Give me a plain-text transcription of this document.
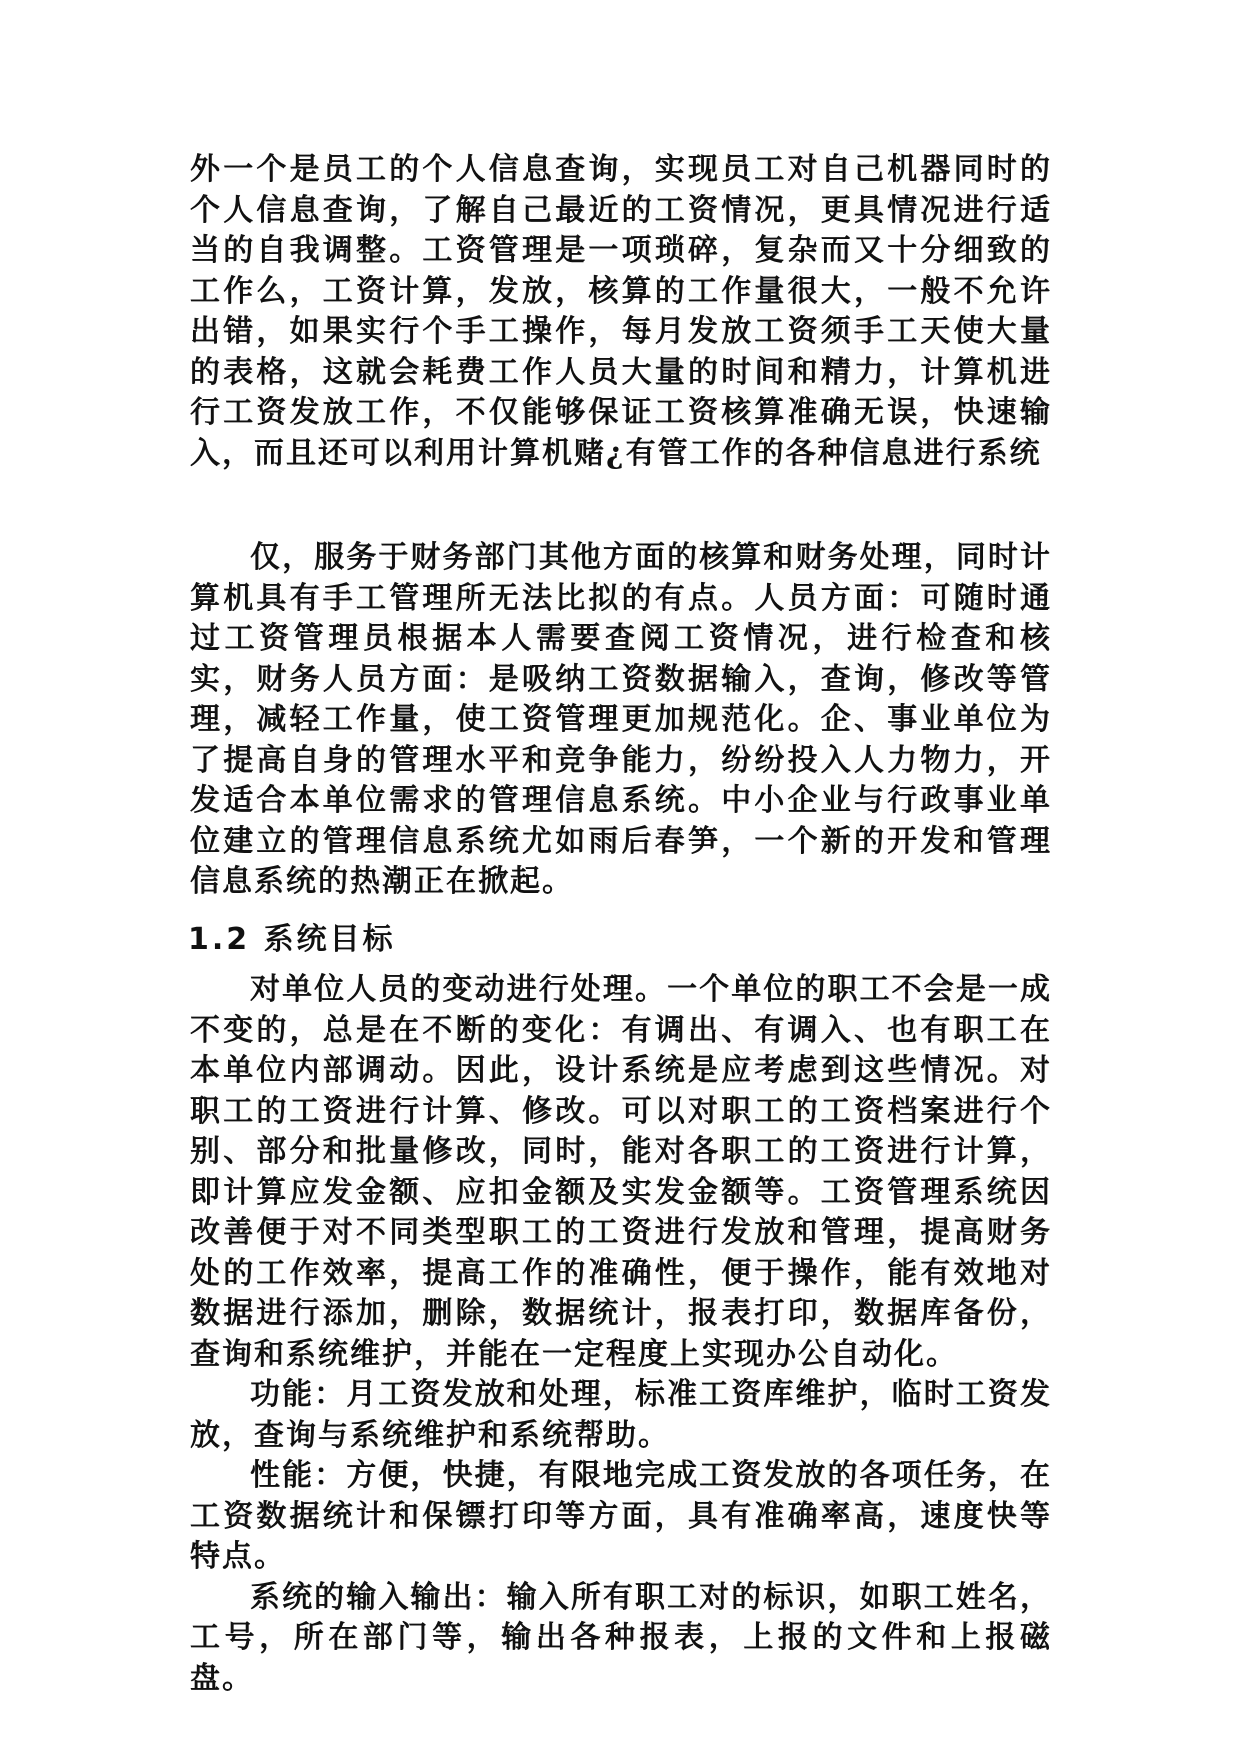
外一个是员工的个人信息查询，实现员工对自己机器同时的个人信息查询，了解自己最近的工资情况，更具情况进行适当的自我调整。工资管理是一项琐碎，复杂而又十分细致的工作么，工资计算，发放，核算的工作量很大，一般不允许出错，如果实行个手工操作，每月发放工资须手工天使大量的表格，这就会耗费工作人员大量的时间和精力，计算机进行工资发放工作，不仅能够保证工资核算准确无误，快速输入，而且还可以利用计算机赌¿有管工作的各种信息进行系统

仅，服务于财务部门其他方面的核算和财务处理，同时计算机具有手工管理所无法比拟的有点。人员方面：可随时通过工资管理员根据本人需要查阅工资情况，进行检查和核实，财务人员方面：是吸纳工资数据输入，查询，修改等管理，减轻工作量，使工资管理更加规范化。企、事业单位为了提高自身的管理水平和竞争能力，纷纷投入人力物力，开发适合本单位需求的管理信息系统。中小企业与行政事业单位建立的管理信息系统尤如雨后春笋，一个新的开发和管理信息系统的热潮正在掀起。

1.2 系统目标

对单位人员的变动进行处理。一个单位的职工不会是一成不变的，总是在不断的变化：有调出、有调入、也有职工在本单位内部调动。因此，设计系统是应考虑到这些情况。对职工的工资进行计算、修改。可以对职工的工资档案进行个别、部分和批量修改，同时，能对各职工的工资进行计算，即计算应发金额、应扣金额及实发金额等。工资管理系统因改善便于对不同类型职工的工资进行发放和管理，提高财务处的工作效率，提高工作的准确性，便于操作，能有效地对数据进行添加，删除，数据统计，报表打印，数据库备份，查询和系统维护，并能在一定程度上实现办公自动化。

功能：月工资发放和处理，标准工资库维护，临时工资发放，查询与系统维护和系统帮助。

性能：方便，快捷，有限地完成工资发放的各项任务，在工资数据统计和保镖打印等方面，具有准确率高，速度快等特点。

系统的输入输出：输入所有职工对的标识，如职工姓名，工号，所在部门等，输出各种报表，上报的文件和上报磁盘。
